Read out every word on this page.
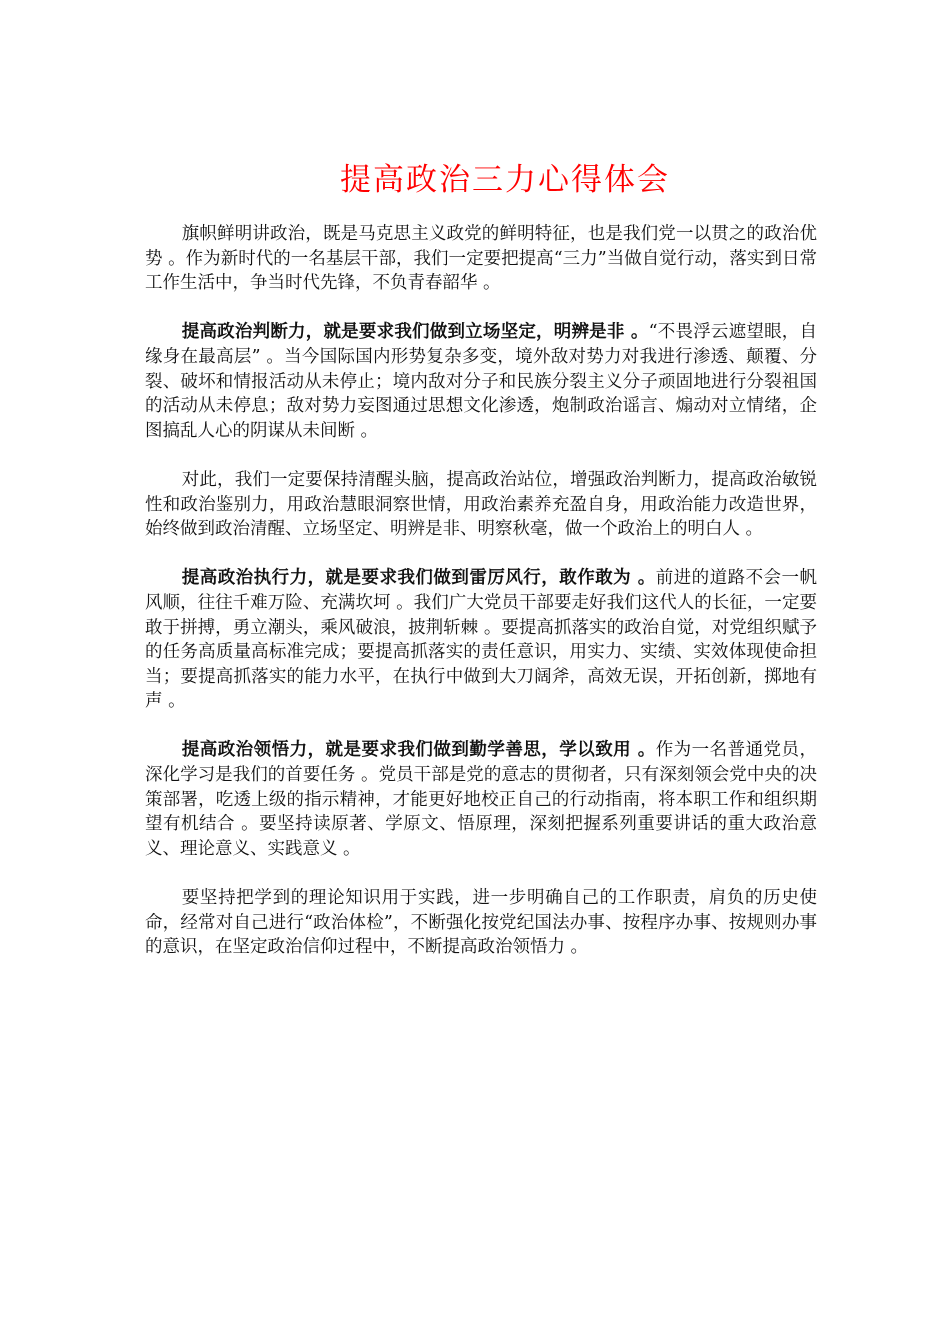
提高政治三力心得体会

旗帜鲜明讲政治，既是马克思主义政党的鲜明特征，也是我们党一以贯之的政治优势 。作为新时代的一名基层干部，我们一定要把提高“三力”当做自觉行动，落实到日常工作生活中，争当时代先锋，不负青春韶华 。

提高政治判断力，就是要求我们做到立场坚定，明辨是非 。“不畏浮云遮望眼，自缘身在最高层” 。当今国际国内形势复杂多变，境外敌对势力对我进行渗透、颠覆、分裂、破坏和情报活动从未停止；境内敌对分子和民族分裂主义分子顽固地进行分裂祖国的活动从未停息；敌对势力妄图通过思想文化渗透，炮制政治谣言、煽动对立情绪，企图搞乱人心的阴谋从未间断 。

对此，我们一定要保持清醒头脑，提高政治站位，增强政治判断力，提高政治敏锐性和政治鉴别力，用政治慧眼洞察世情，用政治素养充盈自身，用政治能力改造世界，始终做到政治清醒、立场坚定、明辨是非、明察秋毫，做一个政治上的明白人 。

提高政治执行力，就是要求我们做到雷厉风行，敢作敢为 。前进的道路不会一帆风顺，往往千难万险、充满坎坷 。我们广大党员干部要走好我们这代人的长征，一定要敢于拼搏，勇立潮头，乘风破浪，披荆斩棘 。要提高抓落实的政治自觉，对党组织赋予的任务高质量高标准完成；要提高抓落实的责任意识，用实力、实绩、实效体现使命担当；要提高抓落实的能力水平，在执行中做到大刀阔斧，高效无误，开拓创新，掷地有声 。

提高政治领悟力，就是要求我们做到勤学善思，学以致用 。作为一名普通党员，深化学习是我们的首要任务 。党员干部是党的意志的贯彻者，只有深刻领会党中央的决策部署，吃透上级的指示精神，才能更好地校正自己的行动指南，将本职工作和组织期望有机结合 。要坚持读原著、学原文、悟原理，深刻把握系列重要讲话的重大政治意义、理论意义、实践意义 。

要坚持把学到的理论知识用于实践，进一步明确自己的工作职责，肩负的历史使命，经常对自己进行“政治体检”，不断强化按党纪国法办事、按程序办事、按规则办事的意识，在坚定政治信仰过程中，不断提高政治领悟力 。
